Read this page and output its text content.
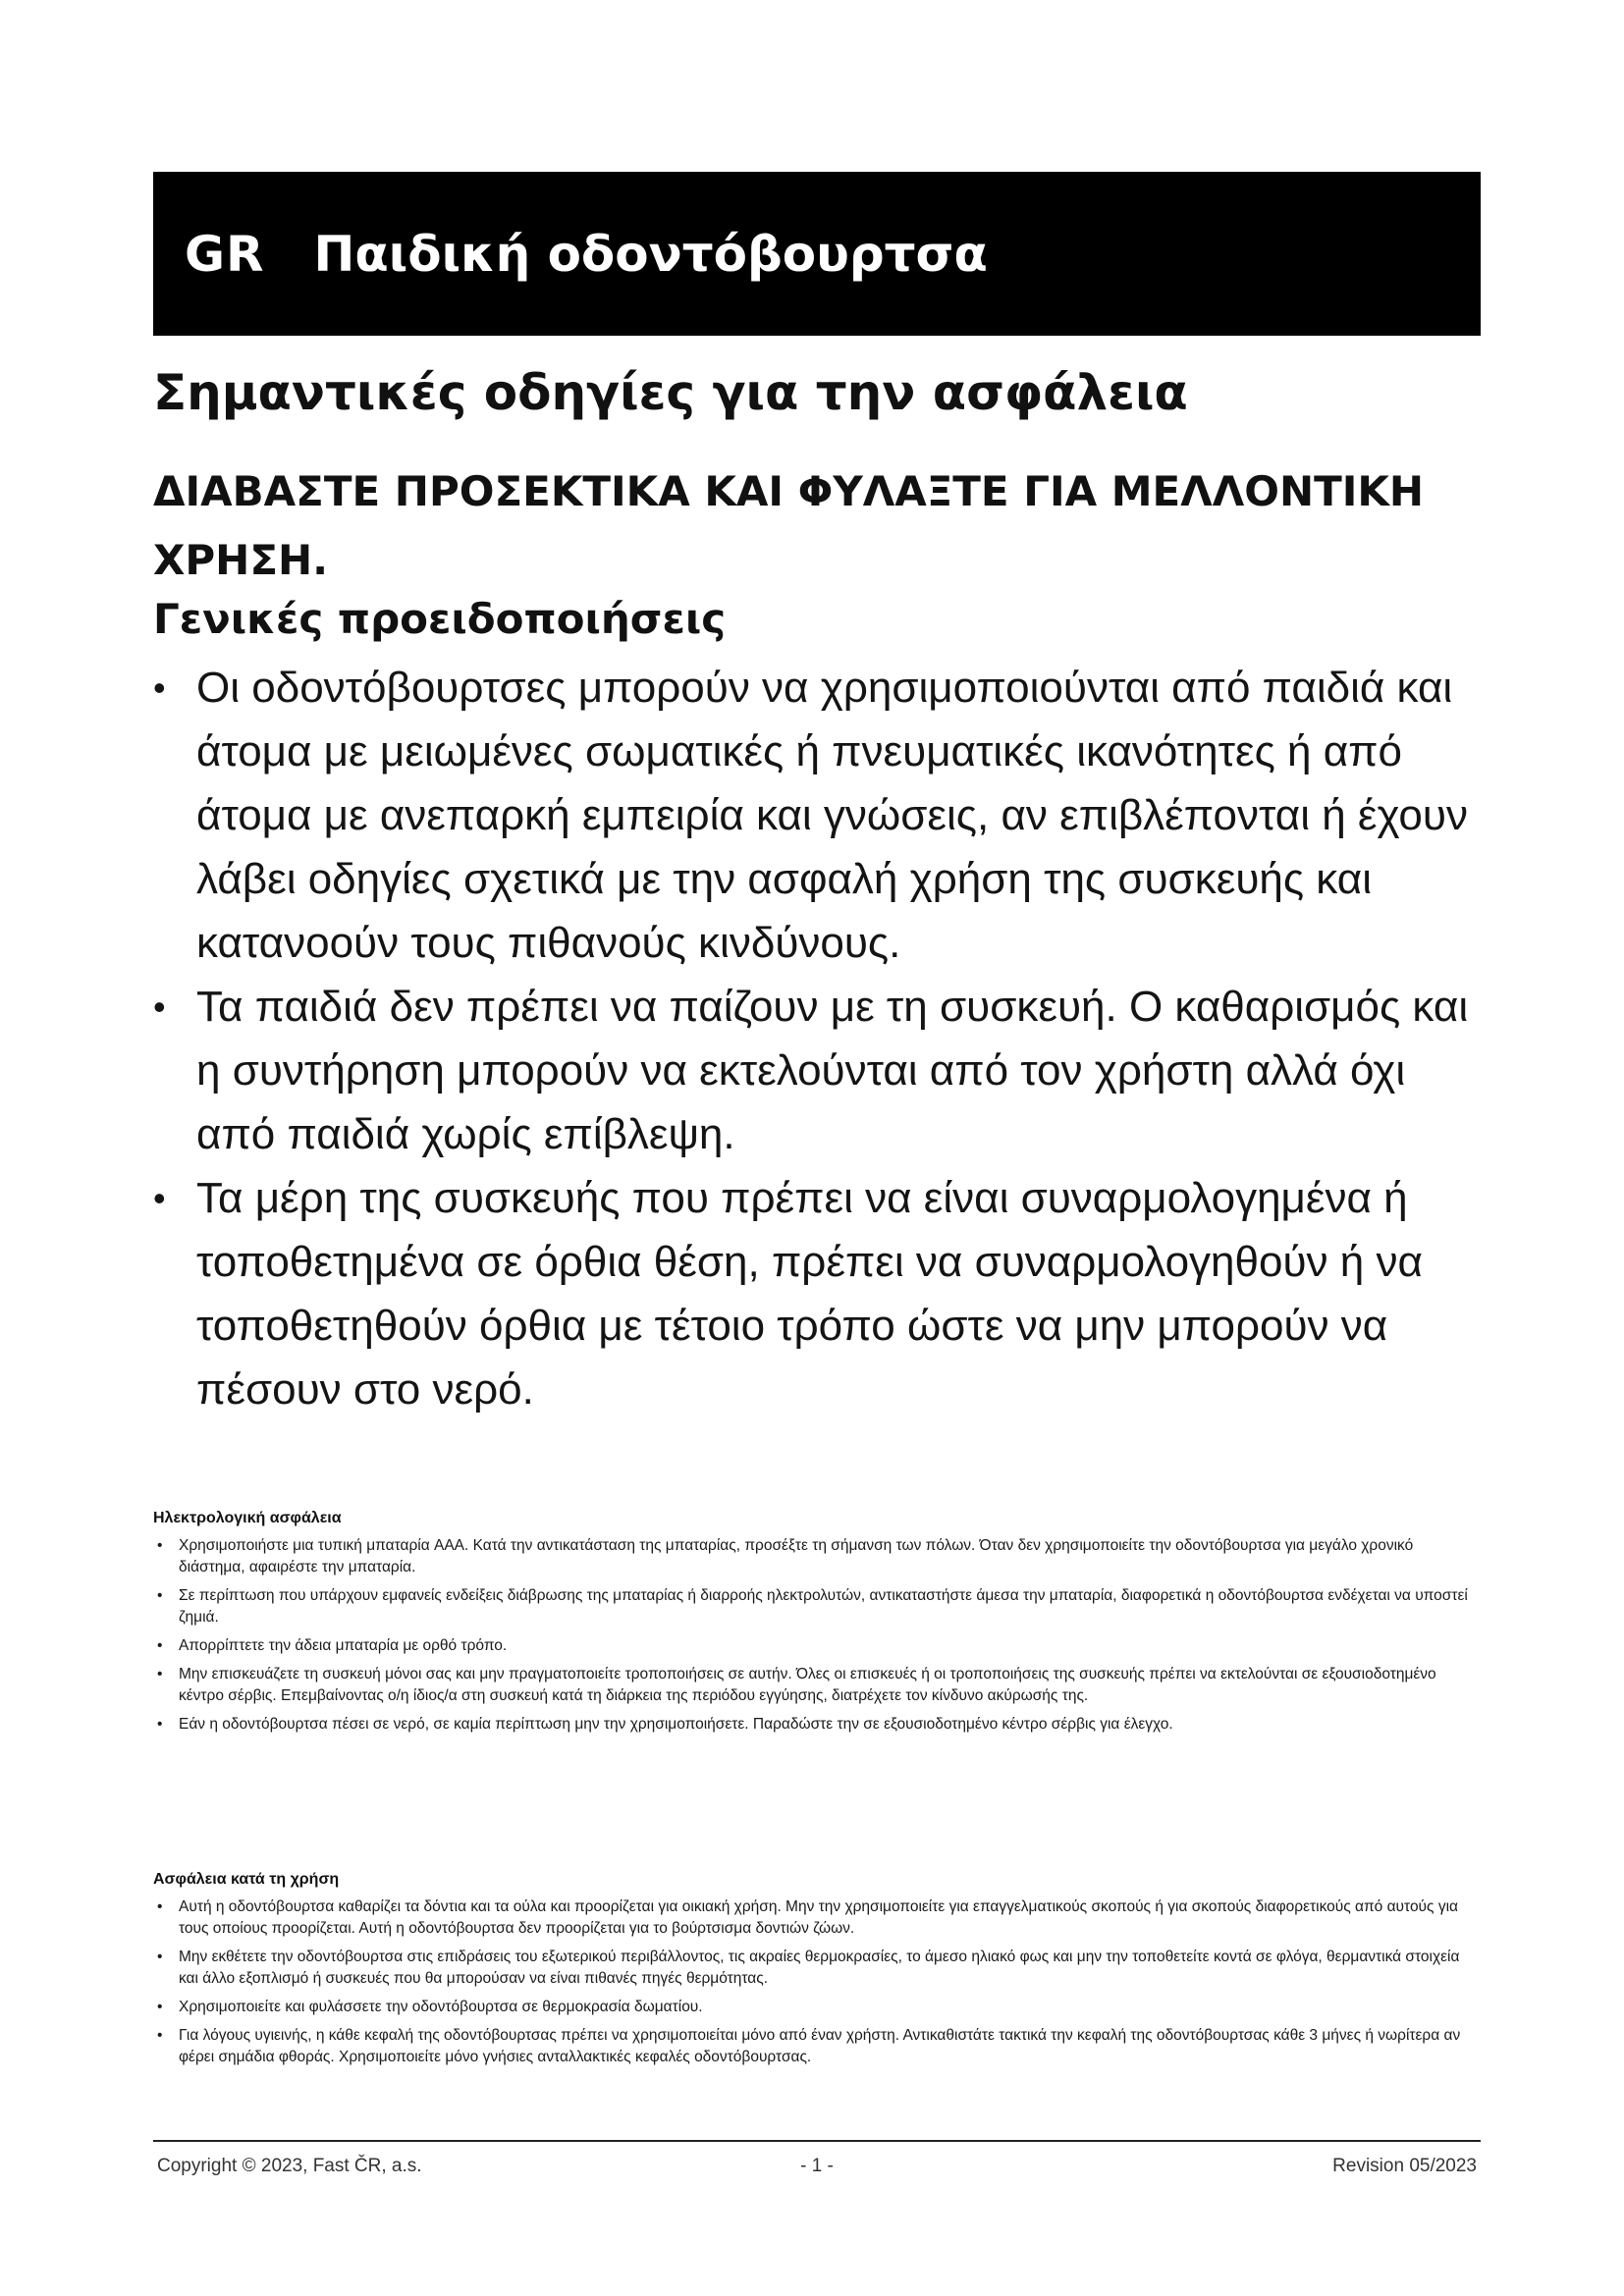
GR Παιδική οδοντόβουρτσα
Σημαντικές οδηγίες για την ασφάλεια
ΔΙΑΒΑΣΤΕ ΠΡΟΣΕΚΤΙΚΑ ΚΑΙ ΦΥΛΑΞΤΕ ΓΙΑ ΜΕΛΛΟΝΤΙΚΗ ΧΡΗΣΗ.
Γενικές προειδοποιήσεις
• Οι οδοντόβουρτσες μπορούν να χρησιμοποιούνται από παιδιά και άτομα με μειωμένες σωματικές ή πνευματικές ικανότητες ή από άτομα με ανεπαρκή εμπειρία και γνώσεις, αν επιβλέπονται ή έχουν λάβει οδηγίες σχετικά με την ασφαλή χρήση της συσκευής και κατανοούν τους πιθανούς κινδύνους.
• Τα παιδιά δεν πρέπει να παίζουν με τη συσκευή. Ο καθαρισμός και η συντήρηση μπορούν να εκτελούνται από τον χρήστη αλλά όχι από παιδιά χωρίς επίβλεψη.
• Τα μέρη της συσκευής που πρέπει να είναι συναρμολογημένα ή τοποθετημένα σε όρθια θέση, πρέπει να συναρμολογηθούν ή να τοποθετηθούν όρθια με τέτοιο τρόπο ώστε να μην μπορούν να πέσουν στο νερό.
Ηλεκτρολογική ασφάλεια
• Χρησιμοποιήστε μια τυπική μπαταρία AAA. Κατά την αντικατάσταση της μπαταρίας, προσέξτε τη σήμανση των πόλων. Όταν δεν χρησιμοποιείτε την οδοντόβουρτσα για μεγάλο χρονικό διάστημα, αφαιρέστε την μπαταρία.
• Σε περίπτωση που υπάρχουν εμφανείς ενδείξεις διάβρωσης της μπαταρίας ή διαρροής ηλεκτρολυτών, αντικαταστήστε άμεσα την μπαταρία, διαφορετικά η οδοντόβουρτσα ενδέχεται να υποστεί ζημιά.
• Απορρίπτετε την άδεια μπαταρία με ορθό τρόπο.
• Μην επισκευάζετε τη συσκευή μόνοι σας και μην πραγματοποιείτε τροποποιήσεις σε αυτήν. Όλες οι επισκευές ή οι τροποποιήσεις της συσκευής πρέπει να εκτελούνται σε εξουσιοδοτημένο κέντρο σέρβις. Επεμβαίνοντας ο/η ίδιος/α στη συσκευή κατά τη διάρκεια της περιόδου εγγύησης, διατρέχετε τον κίνδυνο ακύρωσής της.
• Εάν η οδοντόβουρτσα πέσει σε νερό, σε καμία περίπτωση μην την χρησιμοποιήσετε. Παραδώστε την σε εξουσιοδοτημένο κέντρο σέρβις για έλεγχο.
Ασφάλεια κατά τη χρήση
• Αυτή η οδοντόβουρτσα καθαρίζει τα δόντια και τα ούλα και προορίζεται για οικιακή χρήση. Μην την χρησιμοποιείτε για επαγγελματικούς σκοπούς ή για σκοπούς διαφορετικούς από αυτούς για τους οποίους προορίζεται. Αυτή η οδοντόβουρτσα δεν προορίζεται για το βούρτσισμα δοντιών ζώων.
• Μην εκθέτετε την οδοντόβουρτσα στις επιδράσεις του εξωτερικού περιβάλλοντος, τις ακραίες θερμοκρασίες, το άμεσο ηλιακό φως και μην την τοποθετείτε κοντά σε φλόγα, θερμαντικά στοιχεία και άλλο εξοπλισμό ή συσκευές που θα μπορούσαν να είναι πιθανές πηγές θερμότητας.
• Χρησιμοποιείτε και φυλάσσετε την οδοντόβουρτσα σε θερμοκρασία δωματίου.
• Για λόγους υγιεινής, η κάθε κεφαλή της οδοντόβουρτσας πρέπει να χρησιμοποιείται μόνο από έναν χρήστη. Αντικαθιστάτε τακτικά την κεφαλή της οδοντόβουρτσας κάθε 3 μήνες ή νωρίτερα αν φέρει σημάδια φθοράς. Χρησιμοποιείτε μόνο γνήσιες ανταλλακτικές κεφαλές οδοντόβουρτσας.
Copyright © 2023, Fast ČR, a.s.	- 1 -	Revision 05/2023
